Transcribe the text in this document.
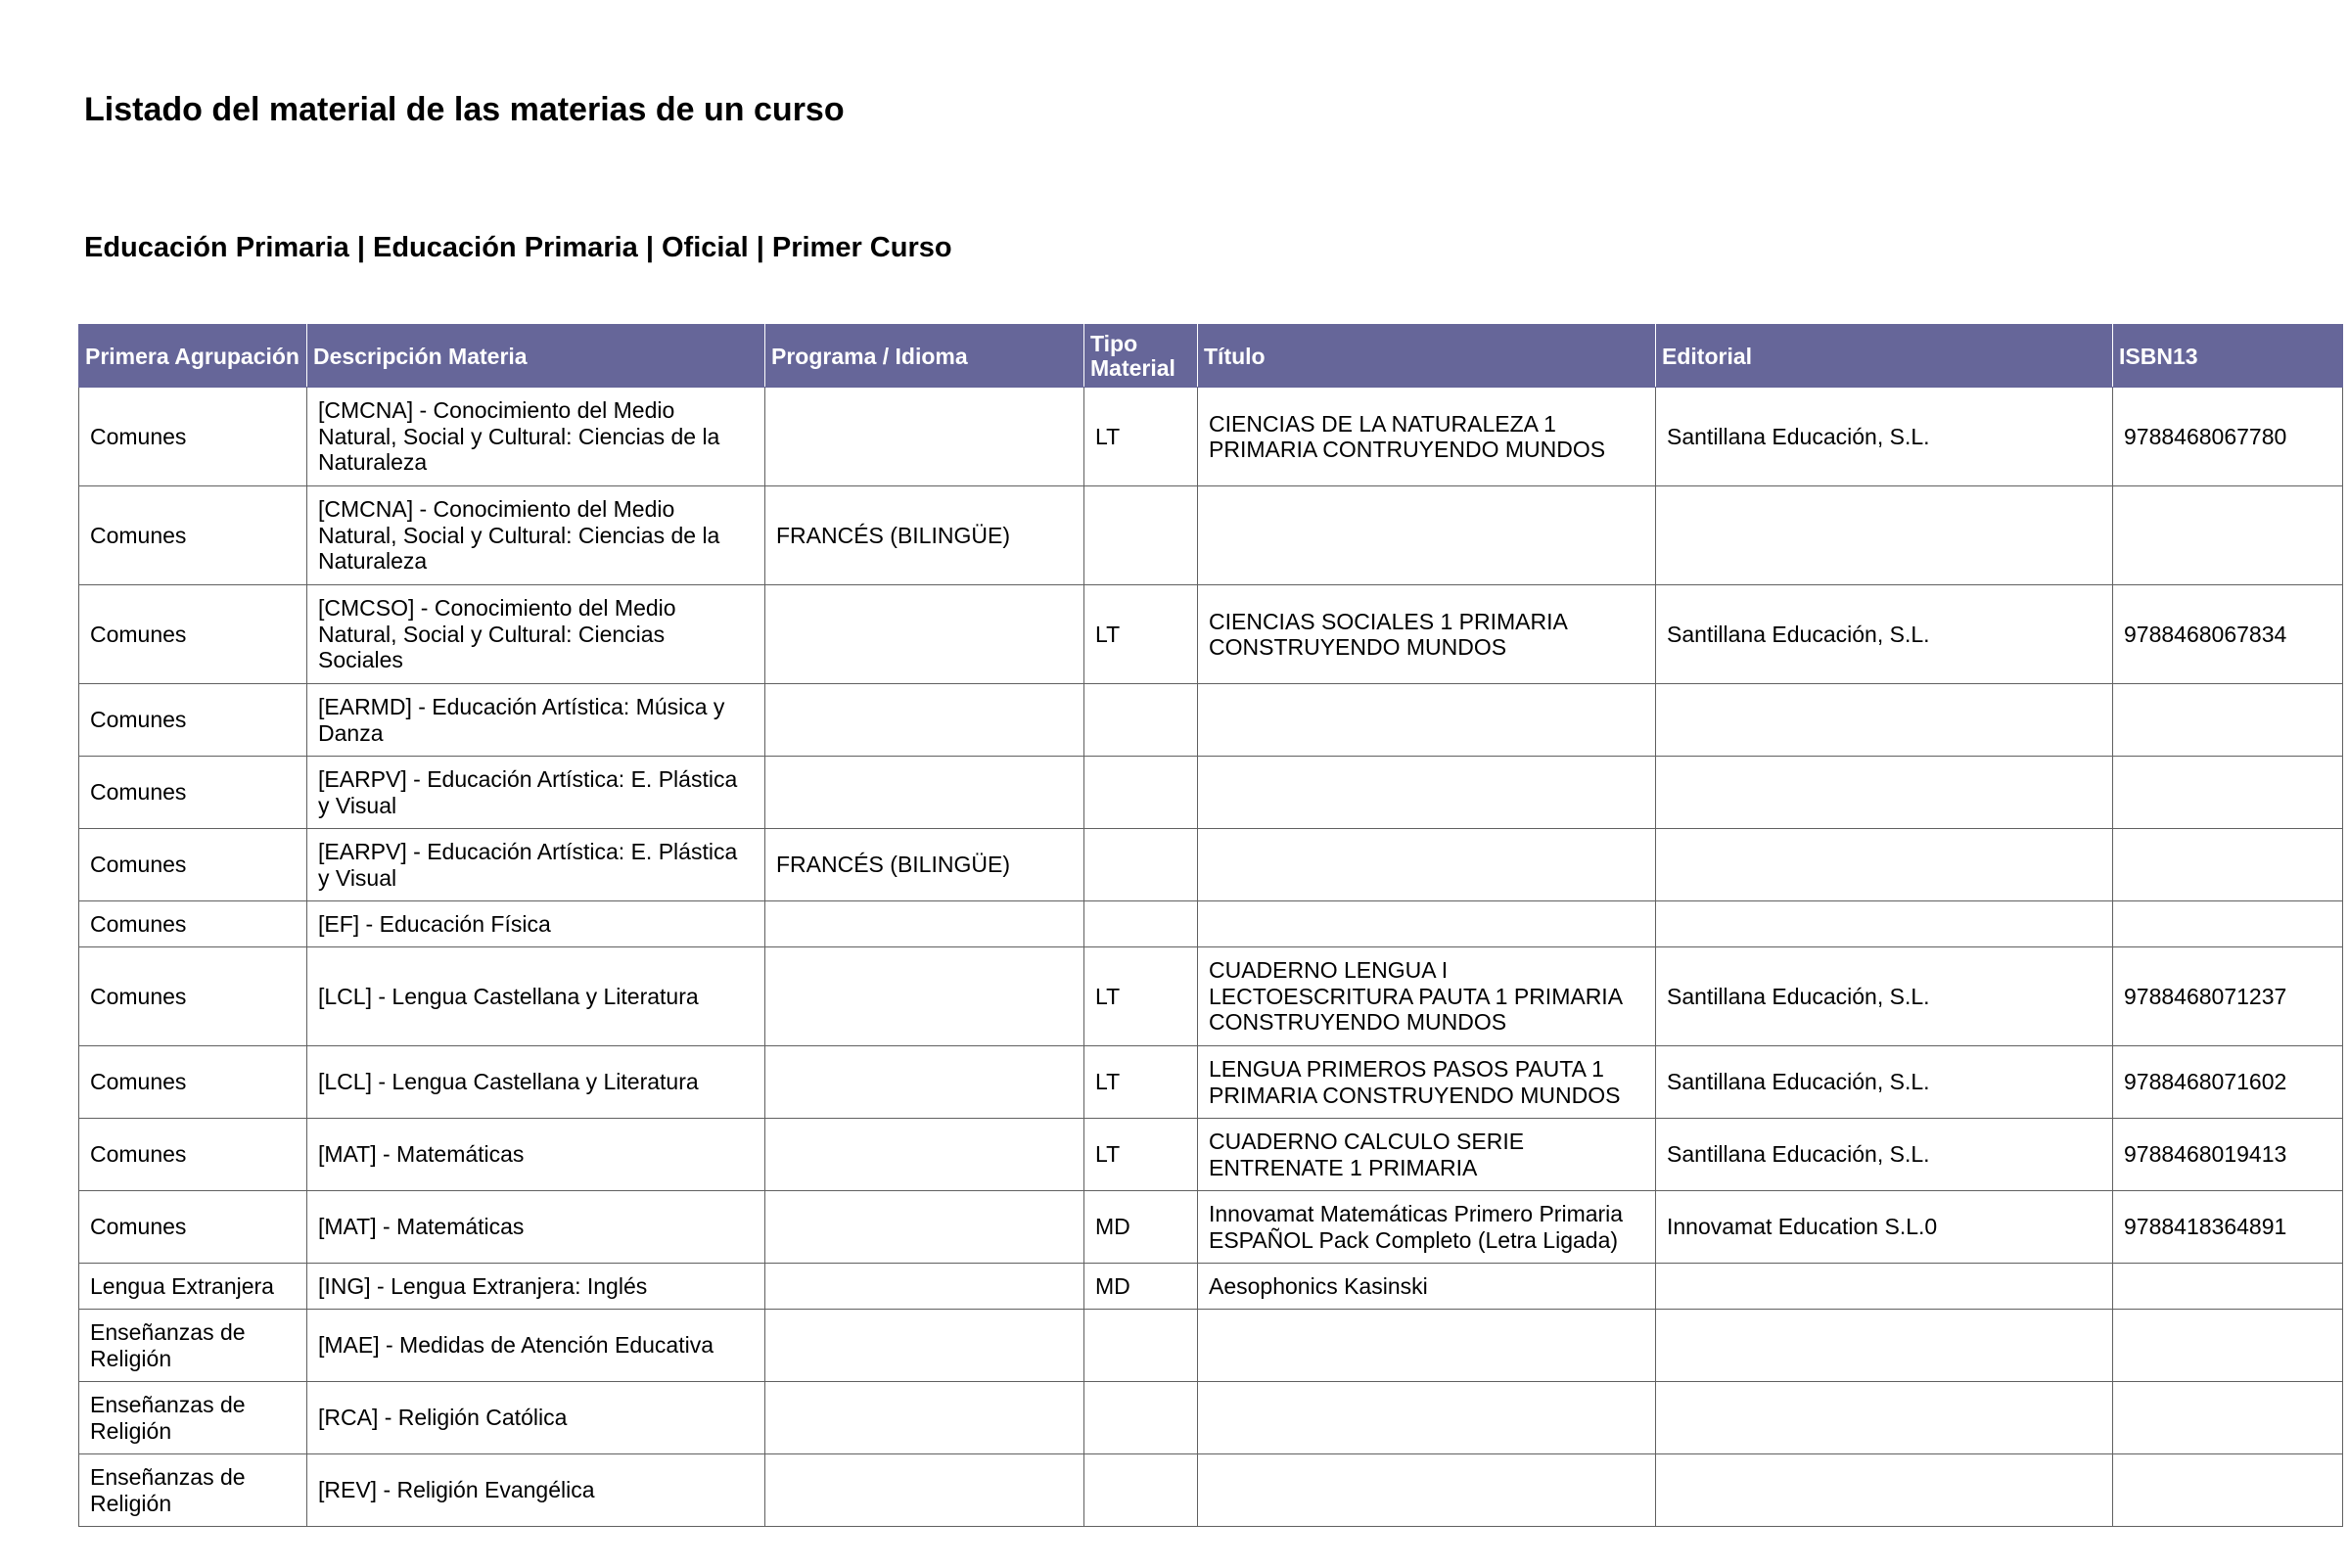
Listado del material de las materias de un curso
Educación Primaria | Educación Primaria | Oficial | Primer Curso
Primera Agrupación	Descripción Materia	Programa / Idioma	Tipo Material	Título	Editorial	ISBN13
Comunes	[CMCNA] - Conocimiento del Medio Natural, Social y Cultural: Ciencias de la Naturaleza		LT	CIENCIAS DE LA NATURALEZA 1 PRIMARIA CONTRUYENDO MUNDOS	Santillana Educación, S.L.	9788468067780
Comunes	[CMCNA] - Conocimiento del Medio Natural, Social y Cultural: Ciencias de la Naturaleza	FRANCÉS (BILINGÜE)				
Comunes	[CMCSO] - Conocimiento del Medio Natural, Social y Cultural: Ciencias Sociales		LT	CIENCIAS SOCIALES 1 PRIMARIA CONSTRUYENDO MUNDOS	Santillana Educación, S.L.	9788468067834
Comunes	[EARMD] - Educación Artística: Música y Danza					
Comunes	[EARPV] - Educación Artística: E. Plástica y Visual					
Comunes	[EARPV] - Educación Artística: E. Plástica y Visual	FRANCÉS (BILINGÜE)				
Comunes	[EF] - Educación Física					
Comunes	[LCL] - Lengua Castellana y Literatura		LT	CUADERNO LENGUA I LECTOESCRITURA PAUTA 1 PRIMARIA CONSTRUYENDO MUNDOS	Santillana Educación, S.L.	9788468071237
Comunes	[LCL] - Lengua Castellana y Literatura		LT	LENGUA PRIMEROS PASOS PAUTA 1 PRIMARIA CONSTRUYENDO MUNDOS	Santillana Educación, S.L.	9788468071602
Comunes	[MAT] - Matemáticas		LT	CUADERNO CALCULO SERIE ENTRENATE 1 PRIMARIA	Santillana Educación, S.L.	9788468019413
Comunes	[MAT] - Matemáticas		MD	Innovamat Matemáticas Primero Primaria ESPAÑOL Pack Completo (Letra Ligada)	Innovamat Education S.L.0	9788418364891
Lengua Extranjera	[ING] - Lengua Extranjera: Inglés		MD	Aesophonics Kasinski		
Enseñanzas de Religión	[MAE] - Medidas de Atención Educativa					
Enseñanzas de Religión	[RCA] - Religión Católica					
Enseñanzas de Religión	[REV] - Religión Evangélica					
